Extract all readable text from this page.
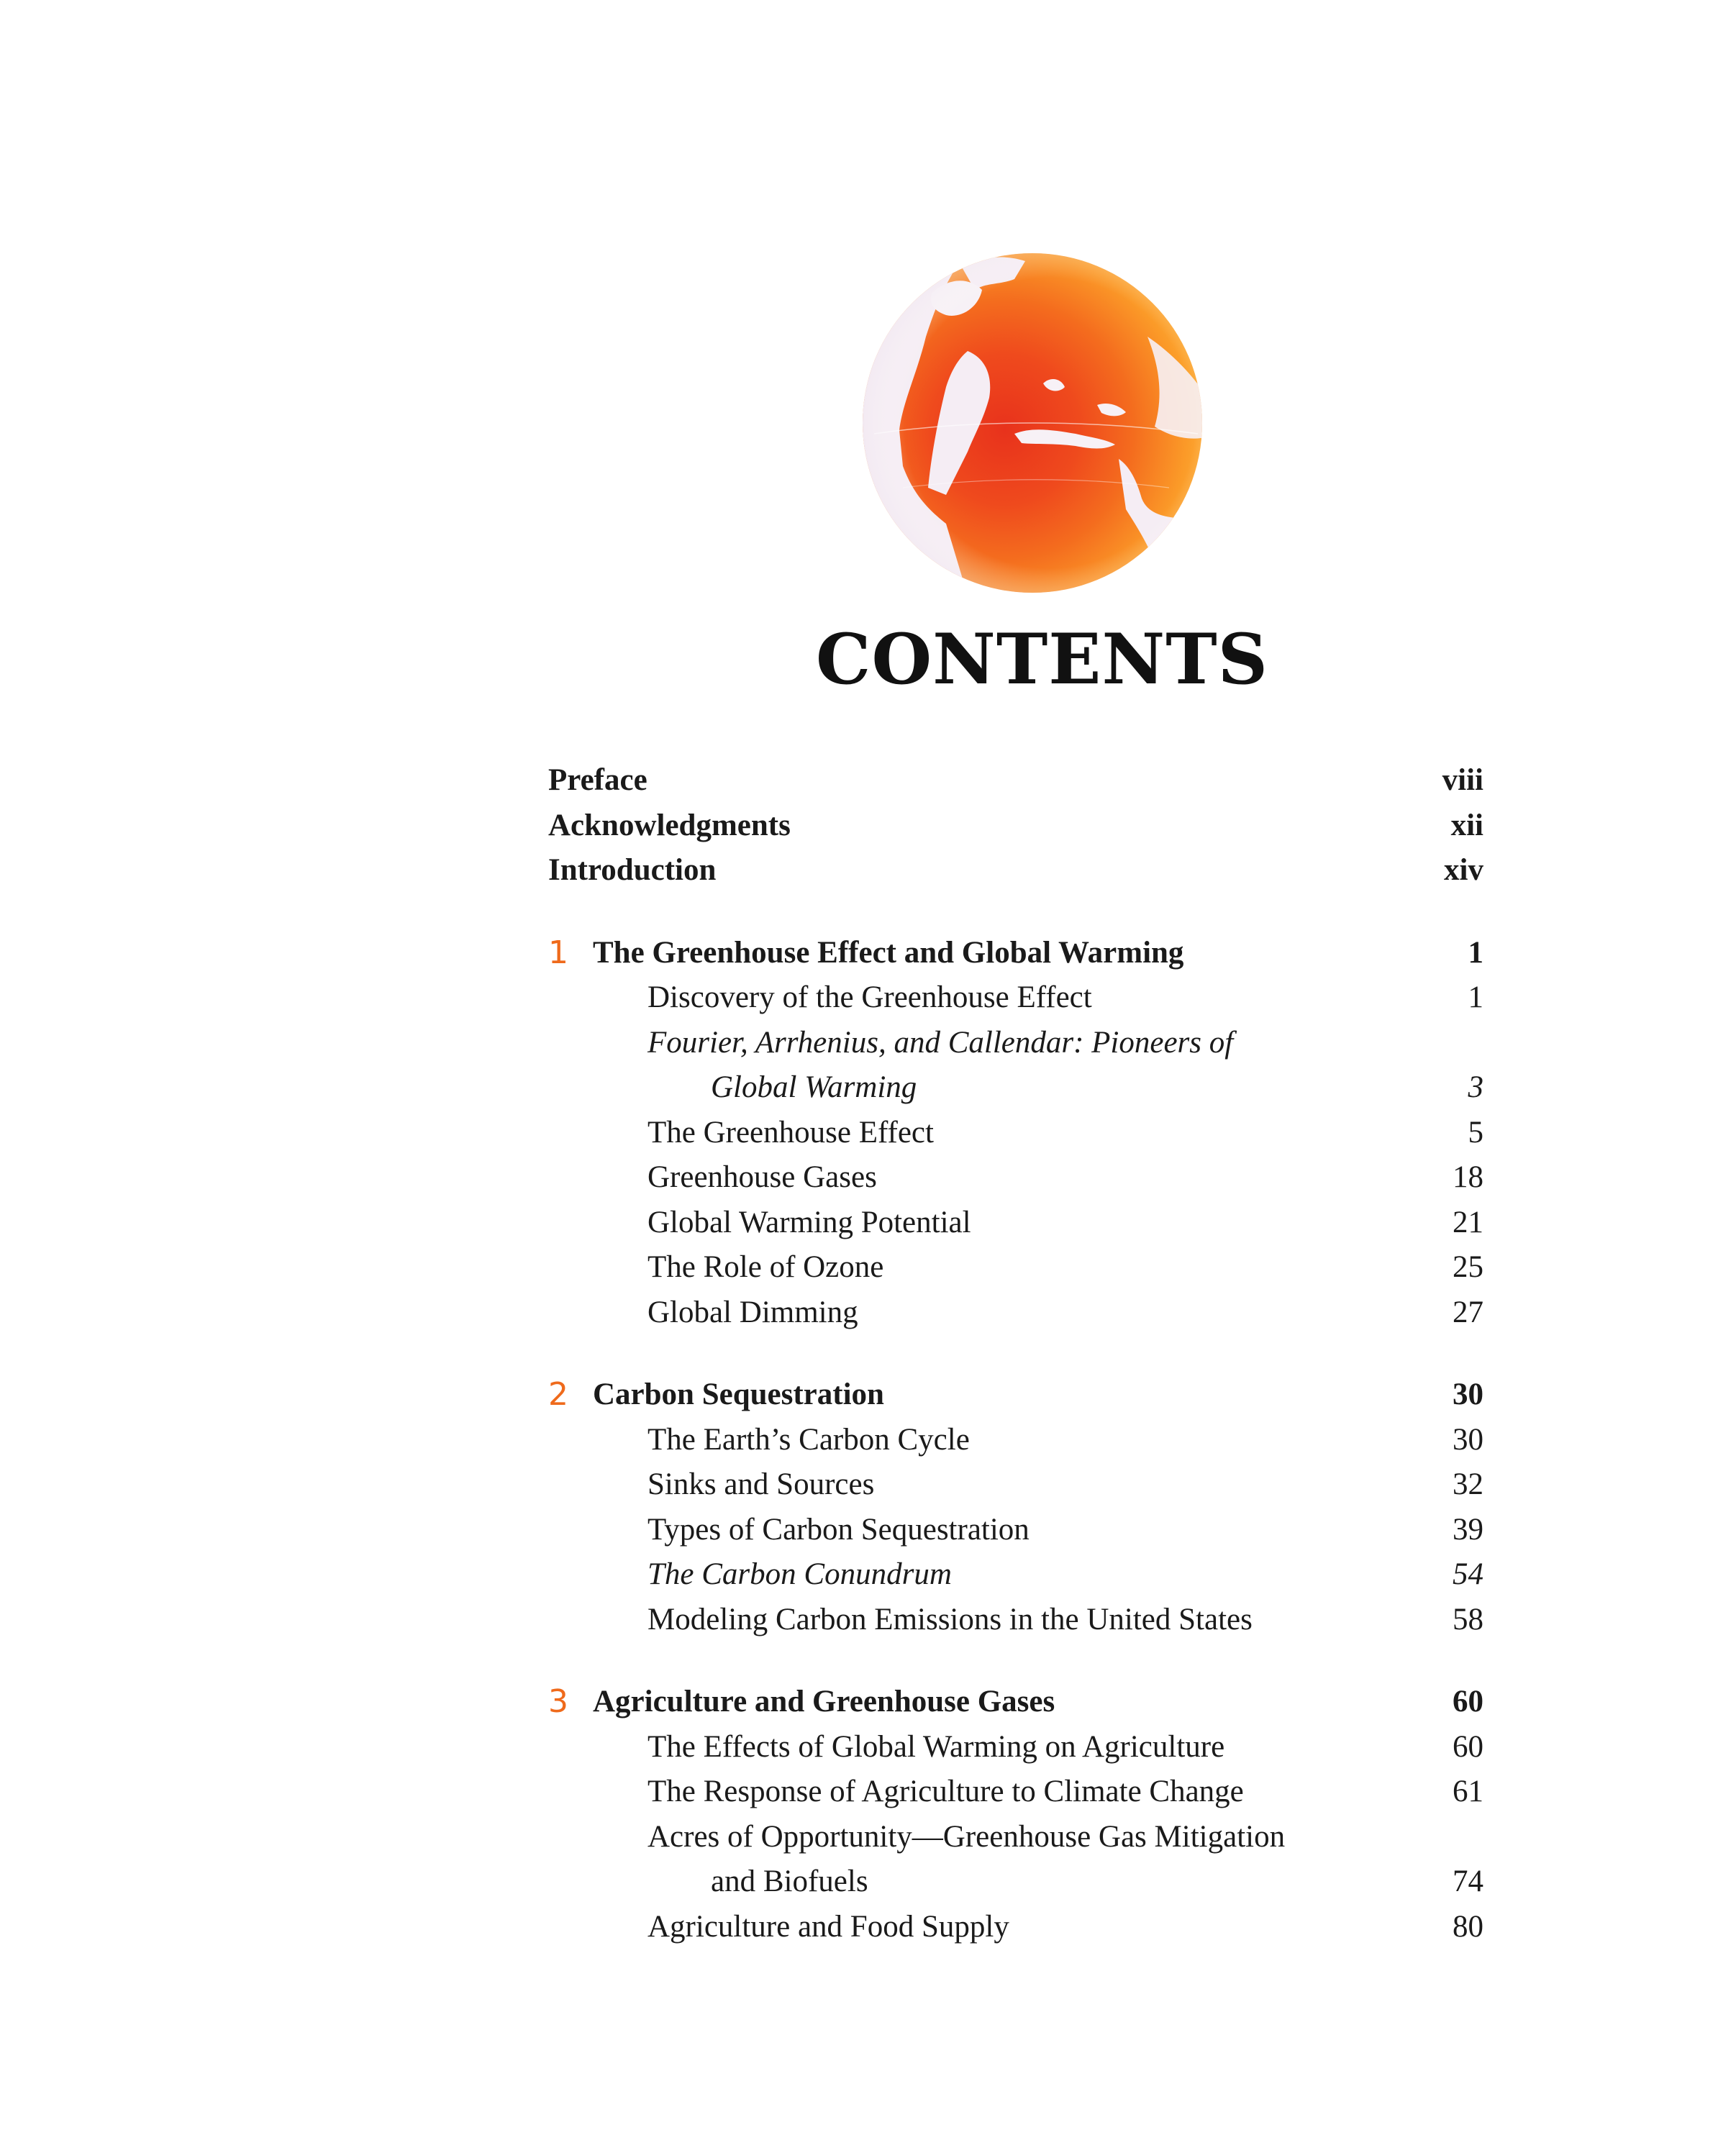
CONTENTS
Preface	viii
Acknowledgments	xii
Introduction	xiv
1 The Greenhouse Effect and Global Warming	1
Discovery of the Greenhouse Effect	1
Fourier, Arrhenius, and Callendar: Pioneers of
Global Warming	3
The Greenhouse Effect	5
Greenhouse Gases	18
Global Warming Potential	21
The Role of Ozone	25
Global Dimming	27
2 Carbon Sequestration	30
The Earth’s Carbon Cycle	30
Sinks and Sources	32
Types of Carbon Sequestration	39
The Carbon Conundrum	54
Modeling Carbon Emissions in the United States	58
3 Agriculture and Greenhouse Gases	60
The Effects of Global Warming on Agriculture	60
The Response of Agriculture to Climate Change	61
Acres of Opportunity—Greenhouse Gas Mitigation
and Biofuels	74
Agriculture and Food Supply	80
